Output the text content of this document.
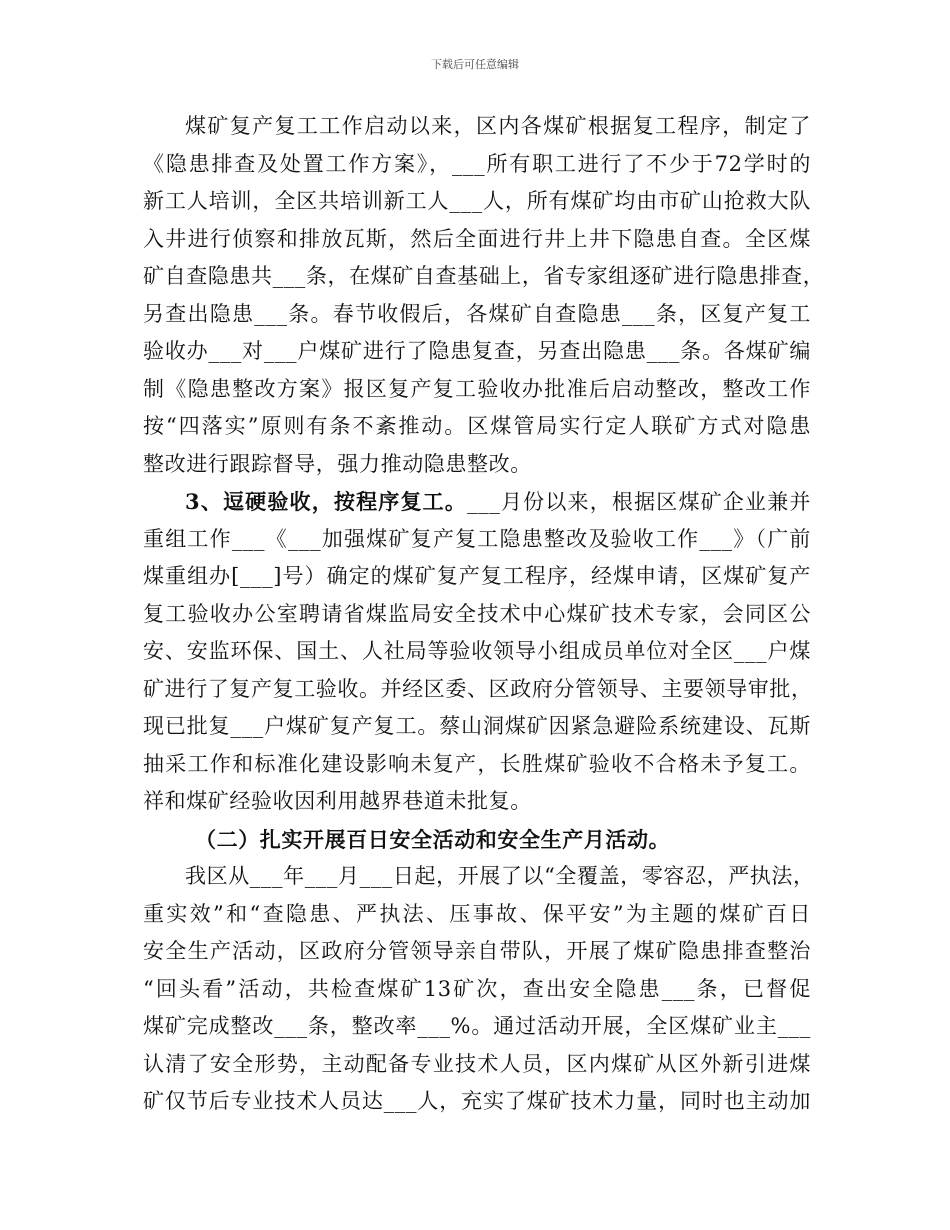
下载后可任意编辑
煤矿复产复工工作启动以来，区内各煤矿根据复工程序，制定了
《隐患排查及处置工作方案》，___所有职工进行了不少于72学时的
新工人培训，全区共培训新工人___人，所有煤矿均由市矿山抢救大队
入井进行侦察和排放瓦斯，然后全面进行井上井下隐患自查。全区煤
矿自查隐患共___条，在煤矿自查基础上，省专家组逐矿进行隐患排查，
另查出隐患___条。春节收假后，各煤矿自查隐患___条，区复产复工
验收办___对___户煤矿进行了隐患复查，另查出隐患___条。各煤矿编
制《隐患整改方案》报区复产复工验收办批准后启动整改，整改工作
按“四落实”原则有条不紊推动。区煤管局实行定人联矿方式对隐患
整改进行跟踪督导，强力推动隐患整改。
3、逗硬验收，按程序复工。___月份以来，根据区煤矿企业兼并
重组工作___《___加强煤矿复产复工隐患整改及验收工作___》（广前
煤重组办[___]号）确定的煤矿复产复工程序，经煤申请，区煤矿复产
复工验收办公室聘请省煤监局安全技术中心煤矿技术专家，会同区公
安、安监环保、国土、人社局等验收领导小组成员单位对全区___户煤
矿进行了复产复工验收。并经区委、区政府分管领导、主要领导审批，
现已批复___户煤矿复产复工。蔡山洞煤矿因紧急避险系统建设、瓦斯
抽采工作和标准化建设影响未复产，长胜煤矿验收不合格未予复工。
祥和煤矿经验收因利用越界巷道未批复。
（二）扎实开展百日安全活动和安全生产月活动。
我区从___年___月___日起，开展了以“全覆盖，零容忍，严执法，
重实效”和“查隐患、严执法、压事故、保平安”为主题的煤矿百日
安全生产活动，区政府分管领导亲自带队，开展了煤矿隐患排查整治
“回头看”活动，共检查煤矿13矿次，查出安全隐患___条，已督促
煤矿完成整改___条，整改率___%。通过活动开展，全区煤矿业主___
认清了安全形势，主动配备专业技术人员，区内煤矿从区外新引进煤
矿仅节后专业技术人员达___人，充实了煤矿技术力量，同时也主动加
